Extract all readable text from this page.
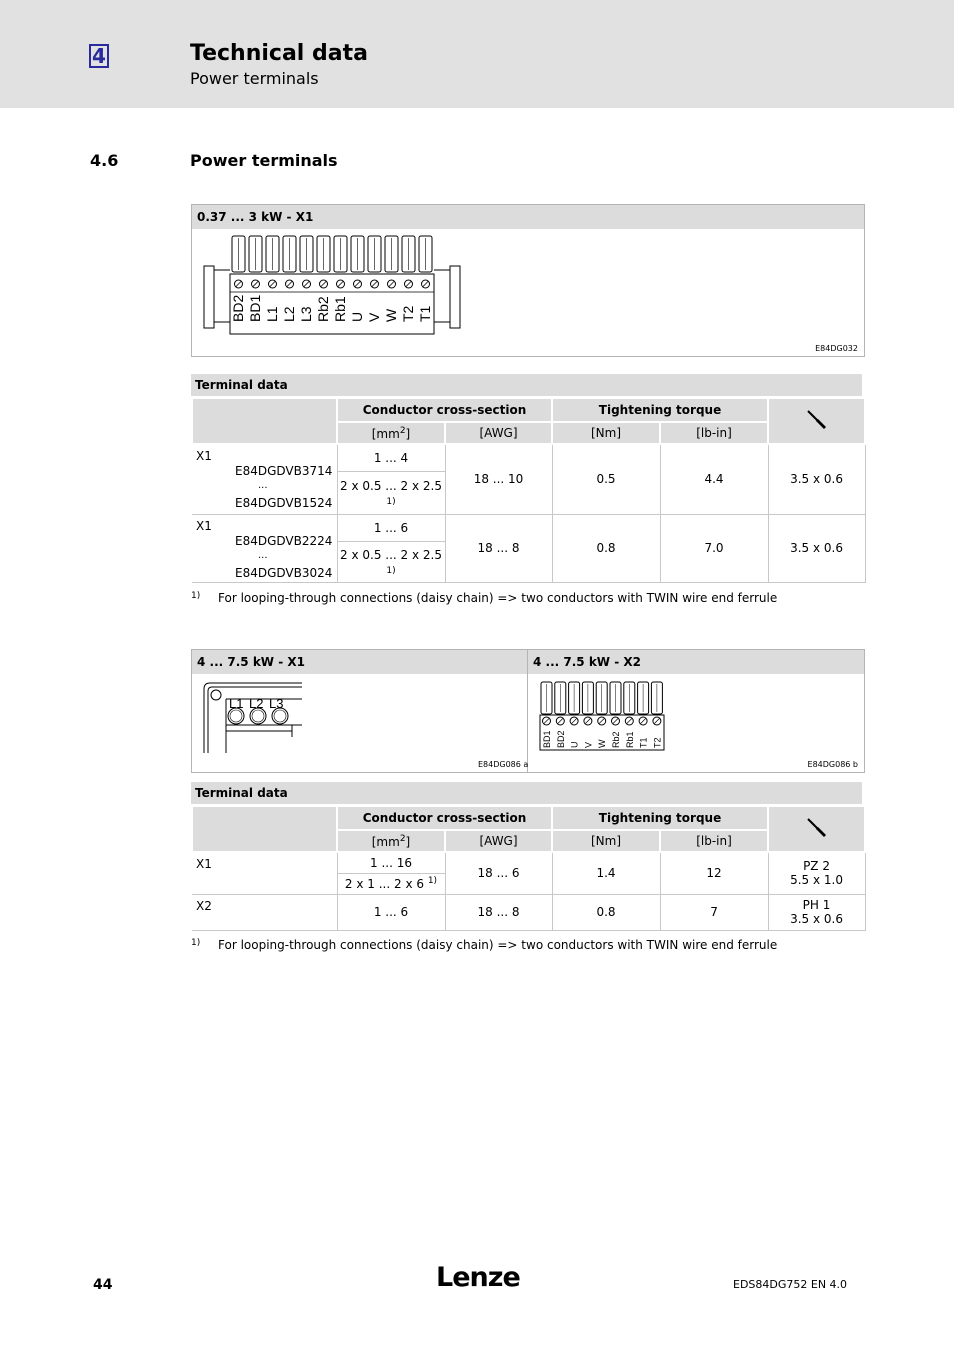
4	Technical data
Power terminals
4.6	Power terminals
0.37 ... 3 kW - X1
BD2 BD1 L1 L2 L3 Rb2 Rb1 U V W T2 T1
E84DG032
Terminal data
	Conductor cross-section		Tightening torque	
	$[mm^2]$	[AWG]	[Nm]	[lb-in]	

X1
E84DGDVB3714
...
E84DGDVB1524	1 ... 4	18 ... 10	0.5	4.4	3.5 x 0.6
	2 x 0.5 ... 2 x 2.5
1)				

X1
E84DGDVB2224
...
E84DGDVB3024	1 ... 6	18 ... 8	0.8	7.0	3.5 x 0.6
	2 x 0.5 ... 2 x 2.5
1)				
$^{1)}$ For looping-through connections (daisy chain) => two conductors with TWIN wire end ferrule
4 ... 7.5 kW - X1	4 ... 7.5 kW - X2
L1 L2 L3
E84DG086 a
BD1 BD2 U V W Rb2 Rb1 T1 T2
E84DG086 b
Terminal data
	Conductor cross-section		Tightening torque	
	$[mm^2]$	[AWG]	[Nm]	[lb-in]	

X1	1 ... 16	18 ... 6	1.4	12	PZ 2
5.5 x 1.0

	2 x 1 ... 2 x 6 $^{1)}$

X2	1 ... 6	18 ... 8	0.8	7	PH 1
3.5 x 0.6
$^{1)}$ For looping-through connections (daisy chain) => two conductors with TWIN wire end ferrule
44	Lenze	EDS84DG752 EN 4.0
